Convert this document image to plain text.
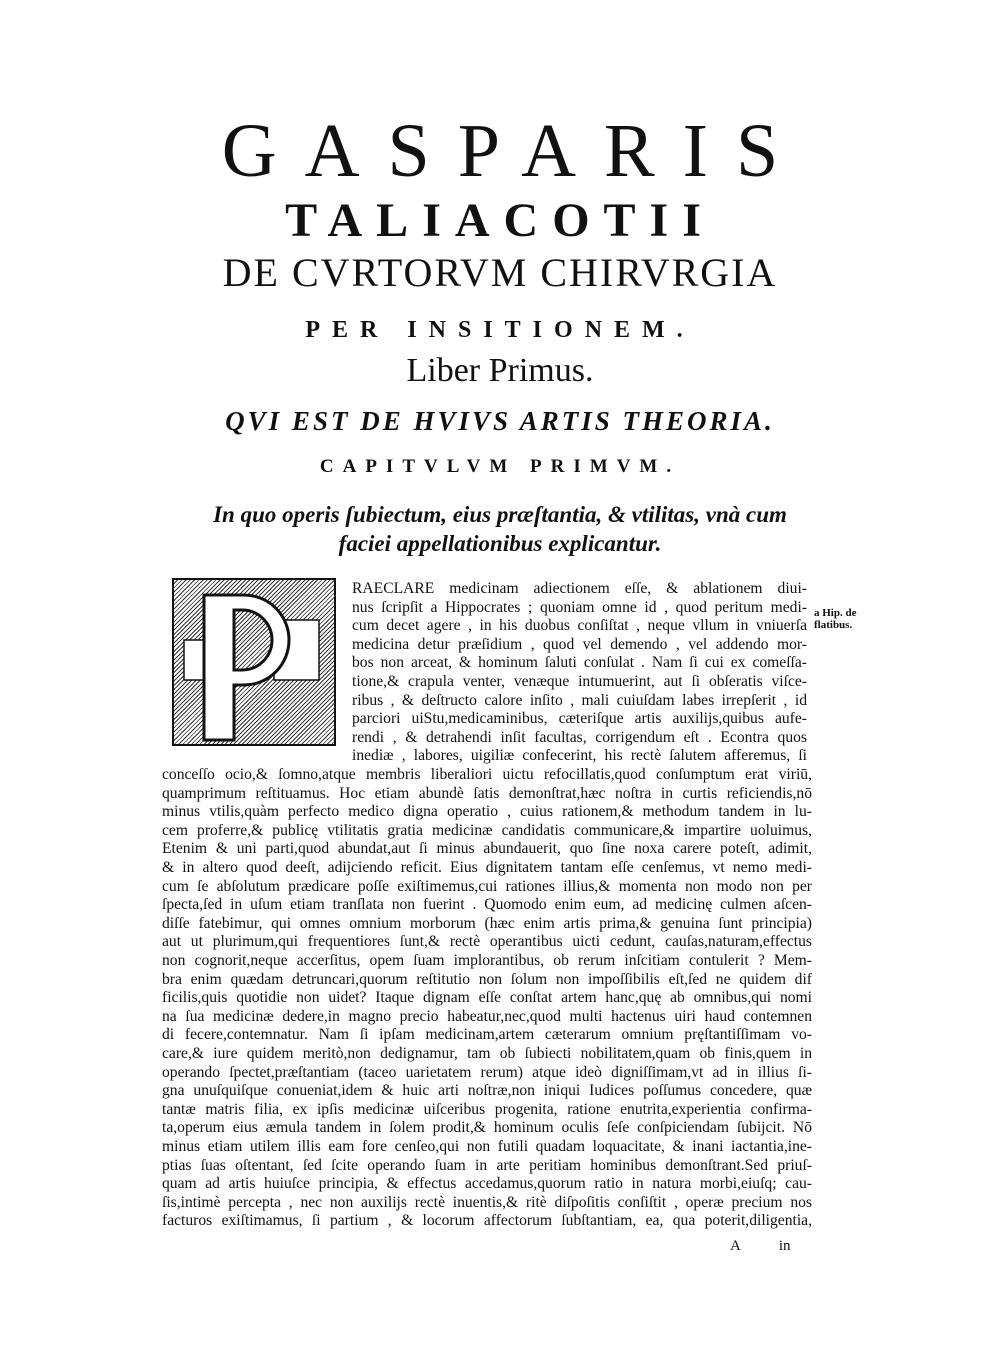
GASPARIS
TALIACOTII
DE CVRTORVM CHIRVRGIA
PER INSITIONEM.
Liber Primus.
QVI EST DE HVIVS ARTIS THEORIA.
CAPITVLVM PRIMVM.
In quo operis ſubiectum, eius præſtantia, & vtilitas, vnà cum
faciei appellationibus explicantur.
RAECLARE medicinam adiectionem eſſe, & ablationem diui-
nus ſcripſit a Hippocrates ; quoniam omne id , quod peritum medi-
cum decet agere , in his duobus conſiſtat , neque vllum in vniuerſa
medicina detur præſidium , quod vel demendo , vel addendo mor-
bos non arceat, & hominum ſaluti conſulat . Nam ſi cui ex comeſſa-
tione,& crapula venter, venæque intumuerint, aut ſi obſeratis viſce-
ribus , & deſtructo calore inſito , mali cuiuſdam labes irrepſerit , id
parciori uiStu,medicaminibus, cæteriſque artis auxilijs,quibus aufe-
rendi , & detrahendi inſit facultas, corrigendum eſt . Econtra quos
inediæ , labores, uigiliæ confecerint, his rectè ſalutem afferemus, ſi
conceſſo ocio,& ſomno,atque membris liberaliori uictu refocillatis,quod conſumptum erat viriū,
quamprimum reſtituamus. Hoc etiam abundè ſatis demonſtrat,hæc noſtra in curtis reficiendis,nō
minus vtilis,quàm perfecto medico digna operatio , cuius rationem,& methodum tandem in lu-
cem proferre,& publicę vtilitatis gratia medicinæ candidatis communicare,& impartire uoluimus,
Etenim & uni parti,quod abundat,aut ſi minus abundauerit, quo ſine noxa carere poteſt, adimit,
& in altero quod deeſt, adijciendo reficit. Eius dignitatem tantam eſſe cenſemus, vt nemo medi-
cum ſe abſolutum prædicare poſſe exiſtimemus,cui rationes illius,& momenta non modo non per
ſpecta,ſed in uſum etiam tranſlata non fuerint . Quomodo enim eum, ad medicinę culmen aſcen-
diſſe fatebimur, qui omnes omnium morborum (hæc enim artis prima,& genuina ſunt principia)
aut ut plurimum,qui frequentiores ſunt,& rectè operantibus uicti cedunt, cauſas,naturam,effectus
non cognorit,neque accerſitus, opem ſuam implorantibus, ob rerum inſcitiam contulerit ? Mem-
bra enim quædam detruncari,quorum reſtitutio non ſolum non impoſſibilis eſt,ſed ne quidem dif
ficilis,quis quotidie non uidet? Itaque dignam eſſe conſtat artem hanc,quę ab omnibus,qui nomi
na ſua medicinæ dedere,in magno precio habeatur,nec,quod multi hactenus uiri haud contemnen
di fecere,contemnatur. Nam ſi ipſam medicinam,artem cæterarum omnium pręſtantiſſimam vo-
care,& iure quidem meritò,non dedignamur, tam ob ſubiecti nobilitatem,quam ob finis,quem in
operando ſpectet,præſtantiam (taceo uarietatem rerum) atque ideò digniſſimam,vt ad in illius ſi-
gna unuſquiſque conueniat,idem & huic arti noſtræ,non iniqui Iudices poſſumus concedere, quæ
tantæ matris filia, ex ipſis medicinæ uiſceribus progenita, ratione enutrita,experientia confirma-
ta,operum eius æmula tandem in ſolem prodit,& hominum oculis ſeſe conſpiciendam ſubijcit. Nō
minus etiam utilem illis eam fore cenſeo,qui non futili quadam loquacitate, & inani iactantia,ine-
ptias ſuas oſtentant, ſed ſcite operando ſuam in arte peritiam hominibus demonſtrant.Sed priuſ-
quam ad artis huiuſce principia, & effectus accedamus,quorum ratio in natura morbi,eiuſq; cau-
ſis,intimè percepta , nec non auxilijs rectè inuentis,& ritè diſpoſitis conſiſtit , operæ precium nos
facturos exiſtimamus, ſi partium , & locorum affectorum ſubſtantiam, ea, qua poterit,diligentia,
a Hip. de
flatibus.
A	in
